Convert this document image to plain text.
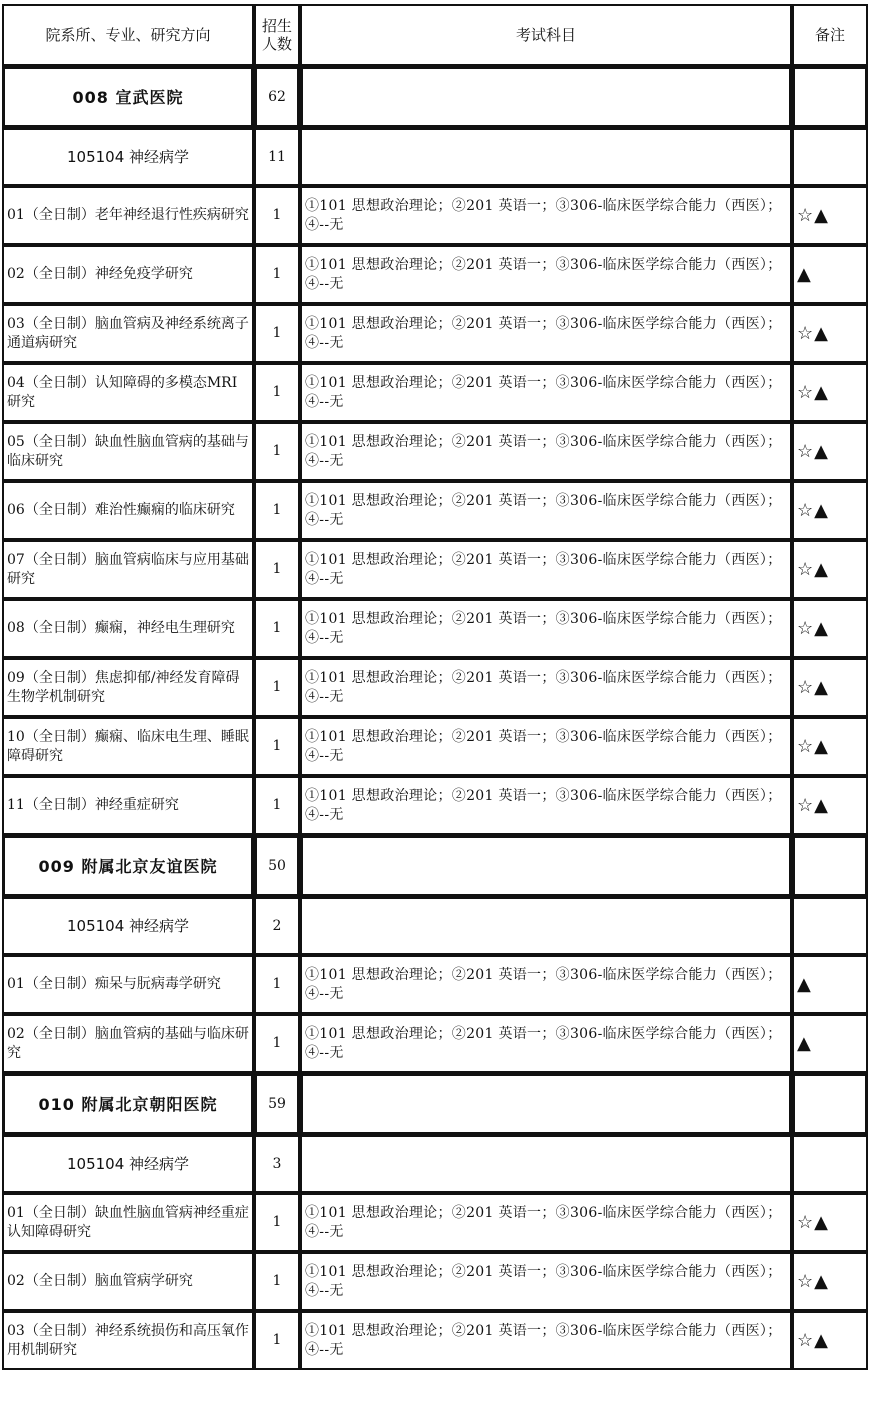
院系所、专业、研究方向	招生人数	考试科目	备注
008 宣武医院	62		
105104 神经病学	11		
01（全日制）老年神经退行性疾病研究	1	①101 思想政治理论；②201 英语一；③306-临床医学综合能力（西医）；④--无	☆▲
02（全日制）神经免疫学研究	1	①101 思想政治理论；②201 英语一；③306-临床医学综合能力（西医）；④--无	▲
03（全日制）脑血管病及神经系统离子通道病研究	1	①101 思想政治理论；②201 英语一；③306-临床医学综合能力（西医）；④--无	☆▲
04（全日制）认知障碍的多模态MRI研究	1	①101 思想政治理论；②201 英语一；③306-临床医学综合能力（西医）；④--无	☆▲
05（全日制）缺血性脑血管病的基础与临床研究	1	①101 思想政治理论；②201 英语一；③306-临床医学综合能力（西医）；④--无	☆▲
06（全日制）难治性癫痫的临床研究	1	①101 思想政治理论；②201 英语一；③306-临床医学综合能力（西医）；④--无	☆▲
07（全日制）脑血管病临床与应用基础研究	1	①101 思想政治理论；②201 英语一；③306-临床医学综合能力（西医）；④--无	☆▲
08（全日制）癫痫，神经电生理研究	1	①101 思想政治理论；②201 英语一；③306-临床医学综合能力（西医）；④--无	☆▲
09（全日制）焦虑抑郁/神经发育障碍生物学机制研究	1	①101 思想政治理论；②201 英语一；③306-临床医学综合能力（西医）；④--无	☆▲
10（全日制）癫痫、临床电生理、睡眠障碍研究	1	①101 思想政治理论；②201 英语一；③306-临床医学综合能力（西医）；④--无	☆▲
11（全日制）神经重症研究	1	①101 思想政治理论；②201 英语一；③306-临床医学综合能力（西医）；④--无	☆▲
009 附属北京友谊医院	50		
105104 神经病学	2		
01（全日制）痴呆与朊病毒学研究	1	①101 思想政治理论；②201 英语一；③306-临床医学综合能力（西医）；④--无	▲
02（全日制）脑血管病的基础与临床研究	1	①101 思想政治理论；②201 英语一；③306-临床医学综合能力（西医）；④--无	▲
010 附属北京朝阳医院	59		
105104 神经病学	3		
01（全日制）缺血性脑血管病神经重症认知障碍研究	1	①101 思想政治理论；②201 英语一；③306-临床医学综合能力（西医）；④--无	☆▲
02（全日制）脑血管病学研究	1	①101 思想政治理论；②201 英语一；③306-临床医学综合能力（西医）；④--无	☆▲
03（全日制）神经系统损伤和高压氧作用机制研究	1	①101 思想政治理论；②201 英语一；③306-临床医学综合能力（西医）；④--无	☆▲
